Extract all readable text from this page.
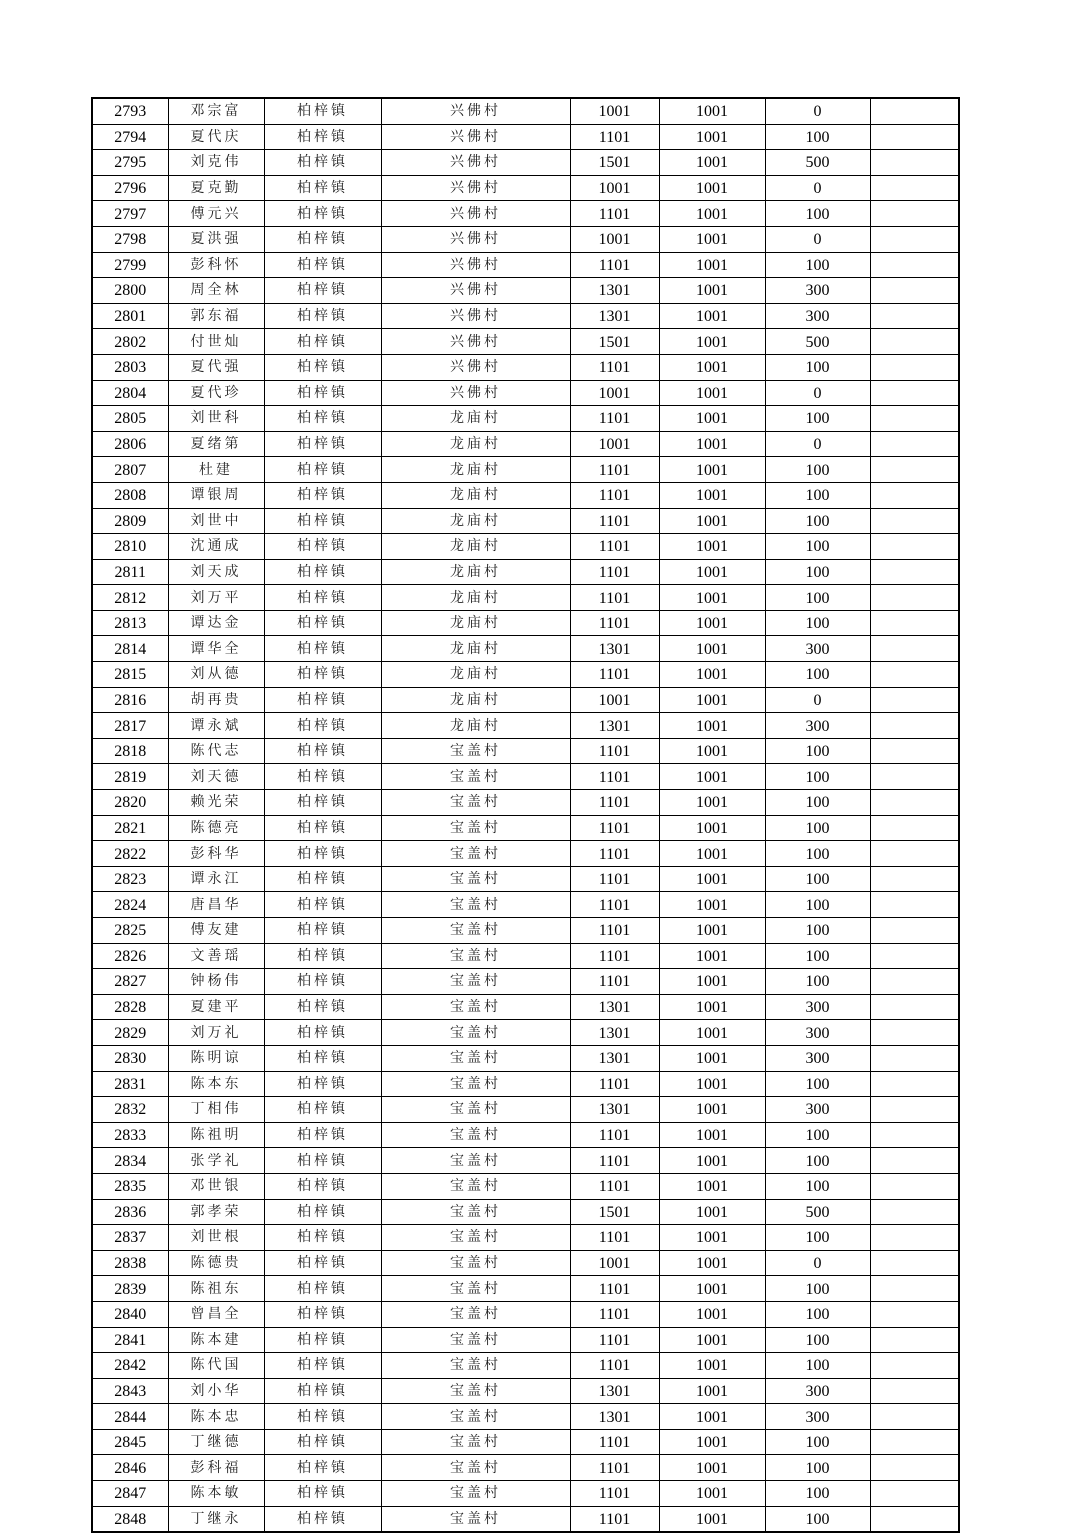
2793	邓宗富	柏梓镇	兴佛村	1001	1001	0	
2794	夏代庆	柏梓镇	兴佛村	1101	1001	100	
2795	刘克伟	柏梓镇	兴佛村	1501	1001	500	
2796	夏克勤	柏梓镇	兴佛村	1001	1001	0	
2797	傅元兴	柏梓镇	兴佛村	1101	1001	100	
2798	夏洪强	柏梓镇	兴佛村	1001	1001	0	
2799	彭科怀	柏梓镇	兴佛村	1101	1001	100	
2800	周全林	柏梓镇	兴佛村	1301	1001	300	
2801	郭东福	柏梓镇	兴佛村	1301	1001	300	
2802	付世灿	柏梓镇	兴佛村	1501	1001	500	
2803	夏代强	柏梓镇	兴佛村	1101	1001	100	
2804	夏代珍	柏梓镇	兴佛村	1001	1001	0	
2805	刘世科	柏梓镇	龙庙村	1101	1001	100	
2806	夏绪第	柏梓镇	龙庙村	1001	1001	0	
2807	杜建	柏梓镇	龙庙村	1101	1001	100	
2808	谭银周	柏梓镇	龙庙村	1101	1001	100	
2809	刘世中	柏梓镇	龙庙村	1101	1001	100	
2810	沈通成	柏梓镇	龙庙村	1101	1001	100	
2811	刘天成	柏梓镇	龙庙村	1101	1001	100	
2812	刘万平	柏梓镇	龙庙村	1101	1001	100	
2813	谭达金	柏梓镇	龙庙村	1101	1001	100	
2814	谭华全	柏梓镇	龙庙村	1301	1001	300	
2815	刘从德	柏梓镇	龙庙村	1101	1001	100	
2816	胡再贵	柏梓镇	龙庙村	1001	1001	0	
2817	谭永斌	柏梓镇	龙庙村	1301	1001	300	
2818	陈代志	柏梓镇	宝盖村	1101	1001	100	
2819	刘天德	柏梓镇	宝盖村	1101	1001	100	
2820	赖光荣	柏梓镇	宝盖村	1101	1001	100	
2821	陈德亮	柏梓镇	宝盖村	1101	1001	100	
2822	彭科华	柏梓镇	宝盖村	1101	1001	100	
2823	谭永江	柏梓镇	宝盖村	1101	1001	100	
2824	唐昌华	柏梓镇	宝盖村	1101	1001	100	
2825	傅友建	柏梓镇	宝盖村	1101	1001	100	
2826	文善瑶	柏梓镇	宝盖村	1101	1001	100	
2827	钟杨伟	柏梓镇	宝盖村	1101	1001	100	
2828	夏建平	柏梓镇	宝盖村	1301	1001	300	
2829	刘万礼	柏梓镇	宝盖村	1301	1001	300	
2830	陈明谅	柏梓镇	宝盖村	1301	1001	300	
2831	陈本东	柏梓镇	宝盖村	1101	1001	100	
2832	丁相伟	柏梓镇	宝盖村	1301	1001	300	
2833	陈祖明	柏梓镇	宝盖村	1101	1001	100	
2834	张学礼	柏梓镇	宝盖村	1101	1001	100	
2835	邓世银	柏梓镇	宝盖村	1101	1001	100	
2836	郭孝荣	柏梓镇	宝盖村	1501	1001	500	
2837	刘世根	柏梓镇	宝盖村	1101	1001	100	
2838	陈德贵	柏梓镇	宝盖村	1001	1001	0	
2839	陈祖东	柏梓镇	宝盖村	1101	1001	100	
2840	曾昌全	柏梓镇	宝盖村	1101	1001	100	
2841	陈本建	柏梓镇	宝盖村	1101	1001	100	
2842	陈代国	柏梓镇	宝盖村	1101	1001	100	
2843	刘小华	柏梓镇	宝盖村	1301	1001	300	
2844	陈本忠	柏梓镇	宝盖村	1301	1001	300	
2845	丁继德	柏梓镇	宝盖村	1101	1001	100	
2846	彭科福	柏梓镇	宝盖村	1101	1001	100	
2847	陈本敏	柏梓镇	宝盖村	1101	1001	100	
2848	丁继永	柏梓镇	宝盖村	1101	1001	100	
